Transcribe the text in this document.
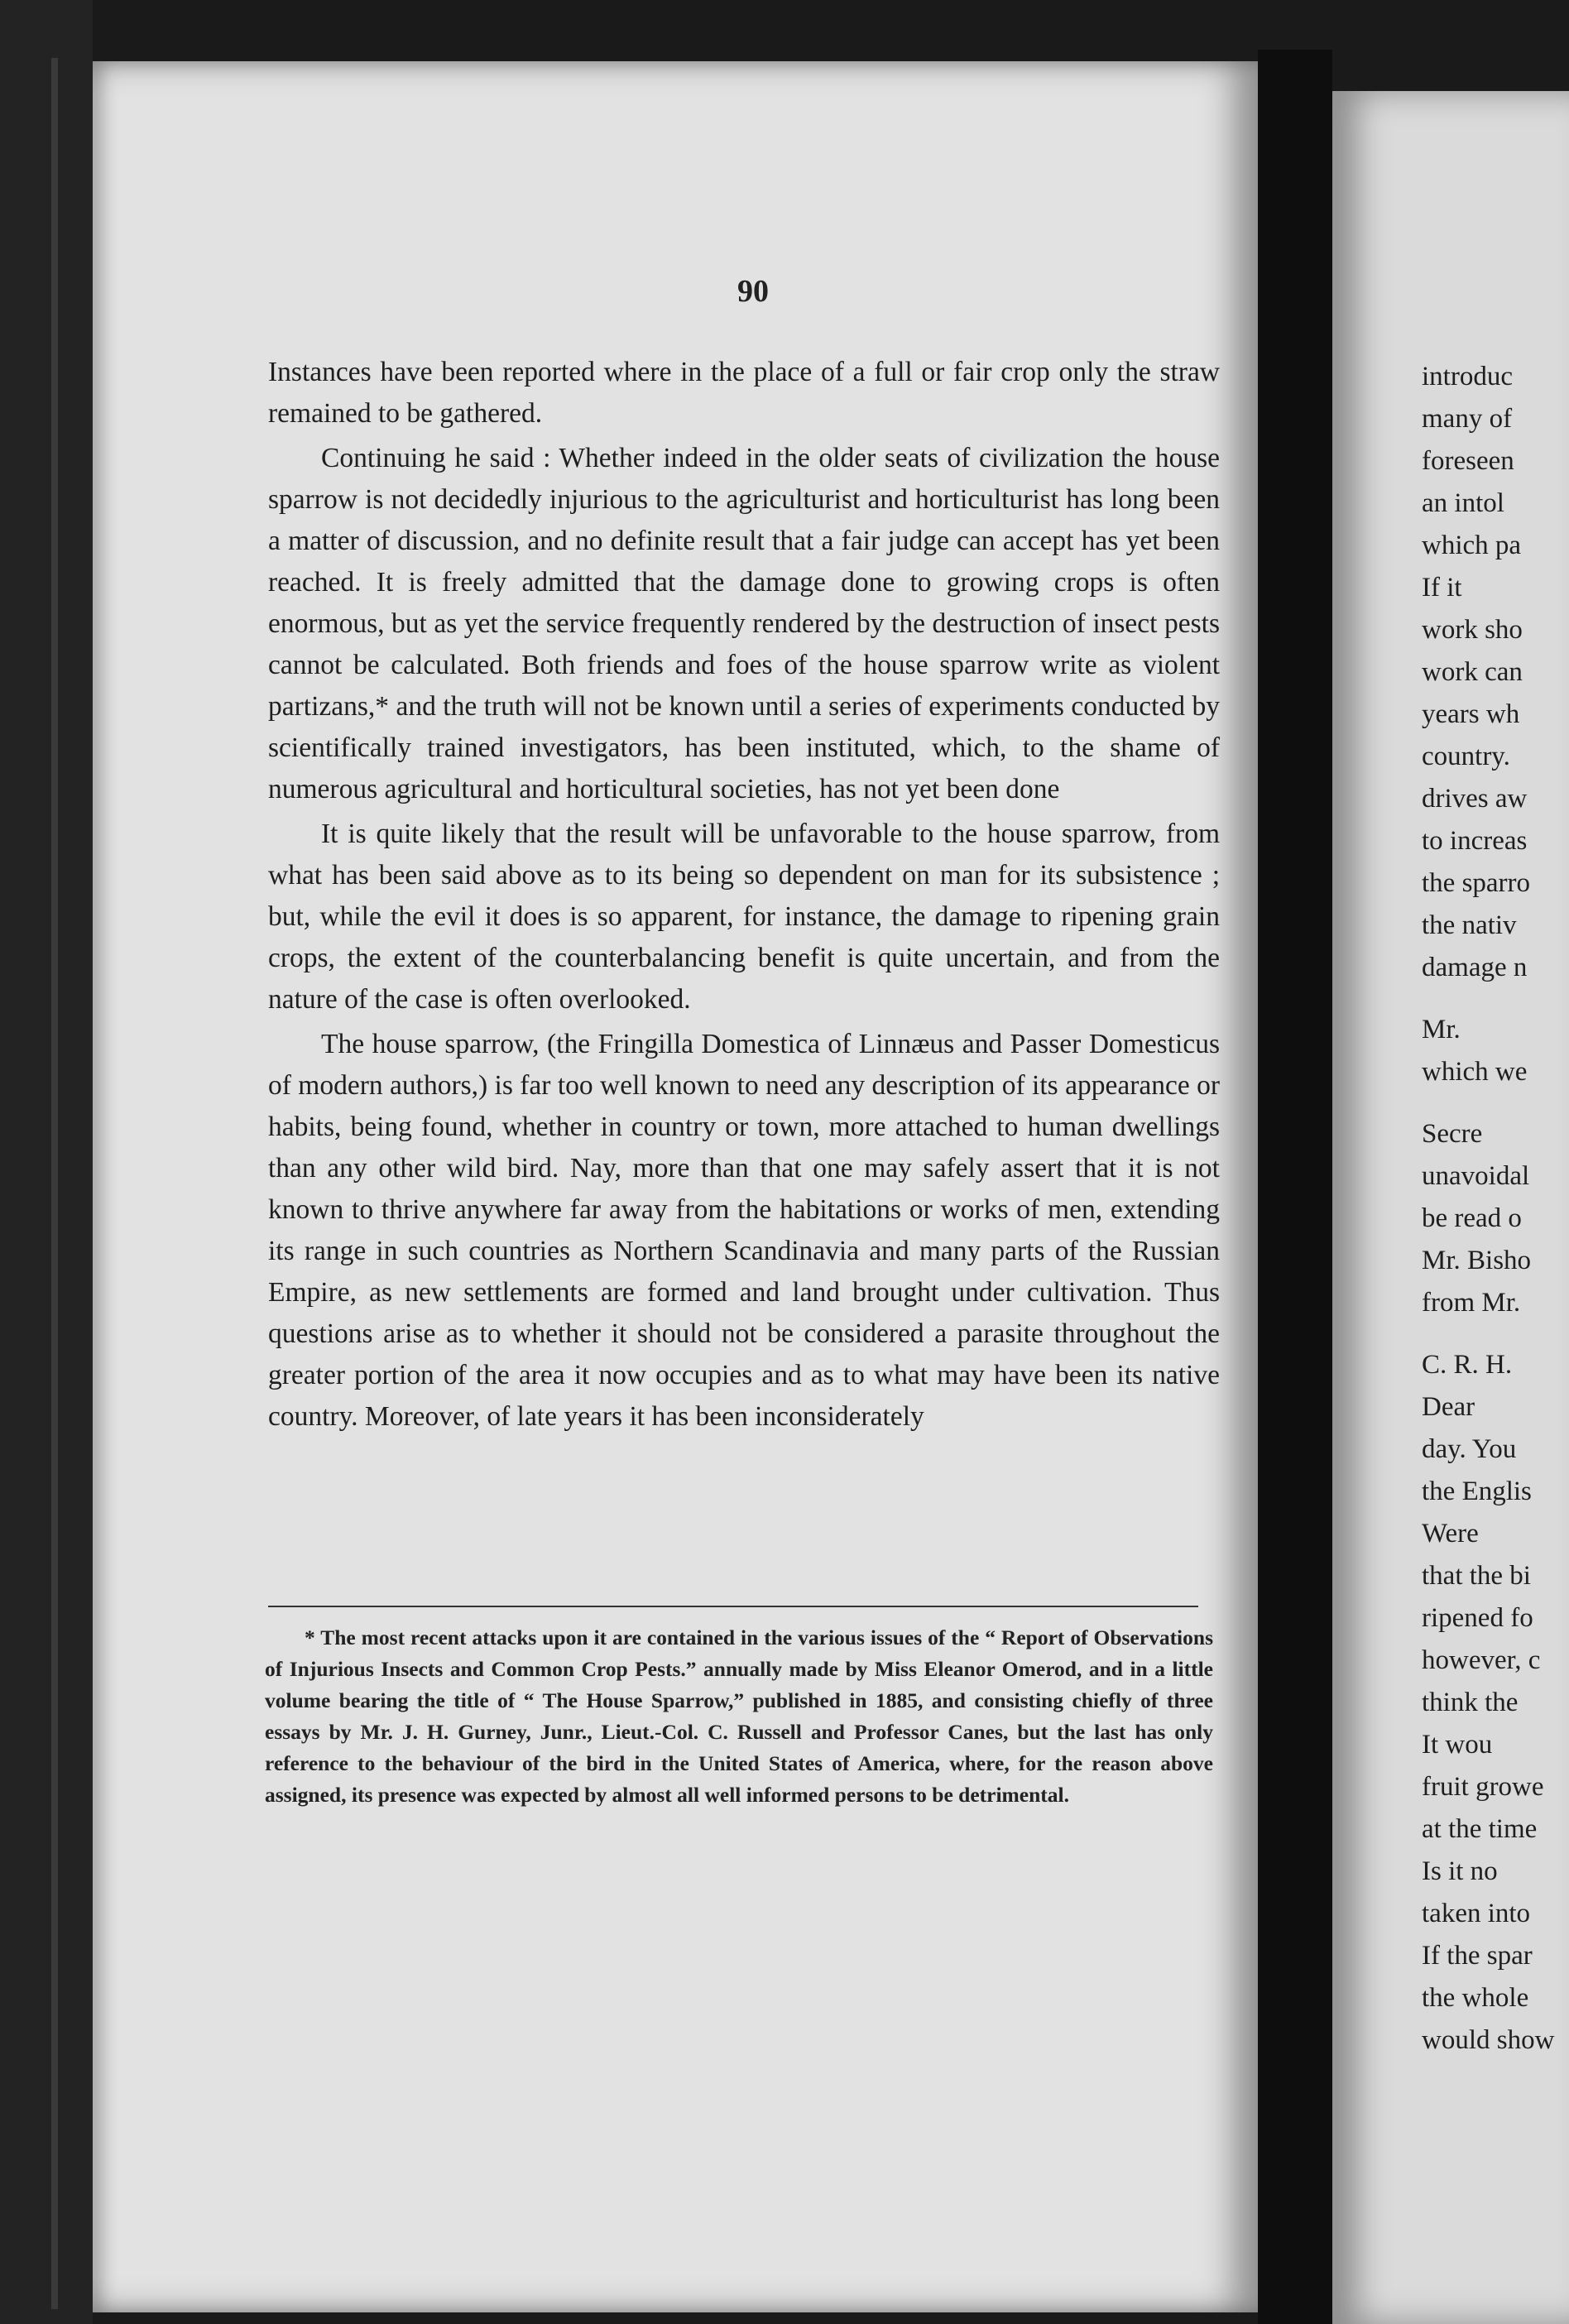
90

Instances have been reported where in the place of a full or fair crop only the straw remained to be gathered.

Continuing he said : Whether indeed in the older seats of civilization the house sparrow is not decidedly injurious to the agriculturist and horticulturist has long been a matter of discussion, and no definite result that a fair judge can accept has yet been reached. It is freely admitted that the damage done to growing crops is often enormous, but as yet the service frequently rendered by the destruction of insect pests cannot be calculated. Both friends and foes of the house sparrow write as violent partizans,* and the truth will not be known until a series of experiments conducted by scientifically trained investigators, has been instituted, which, to the shame of numerous agricultural and horticultural societies, has not yet been done

It is quite likely that the result will be unfavorable to the house sparrow, from what has been said above as to its being so dependent on man for its subsistence ; but, while the evil it does is so apparent, for instance, the damage to ripening grain crops, the extent of the counterbalancing benefit is quite uncertain, and from the nature of the case is often overlooked.

The house sparrow, (the Fringilla Domestica of Linnæus and Passer Domesticus of modern authors,) is far too well known to need any description of its appearance or habits, being found, whether in country or town, more attached to human dwellings than any other wild bird. Nay, more than that one may safely assert that it is not known to thrive anywhere far away from the habitations or works of men, extending its range in such countries as Northern Scandinavia and many parts of the Russian Empire, as new settlements are formed and land brought under cultivation. Thus questions arise as to whether it should not be considered a parasite throughout the greater portion of the area it now occupies and as to what may have been its native country. Moreover, of late years it has been inconsiderately

* The most recent attacks upon it are contained in the various issues of the “ Report of Observations of Injurious Insects and Common Crop Pests.” annually made by Miss Eleanor Omerod, and in a little volume bearing the title of “ The House Sparrow,” published in 1885, and consisting chiefly of three essays by Mr. J. H. Gurney, Junr., Lieut.-Col. C. Russell and Professor Canes, but the last has only reference to the behaviour of the bird in the United States of America, where, for the reason above assigned, its presence was expected by almost all well informed persons to be detrimental.

introduc
many of
foreseen
an intol
which pa
If it
work sho
work can
years wh
country.
drives aw
to increas
the sparro
the nativ
damage n
Mr.
which we
Secre
unavoidal
be read o
Mr. Bisho
from Mr.
C. R. H.
Dear
day. You
the Englis
Were
that the bi
ripened fo
however, c
think the
It wou
fruit growe
at the time
Is it no
taken into
If the spar
the whole
would show
